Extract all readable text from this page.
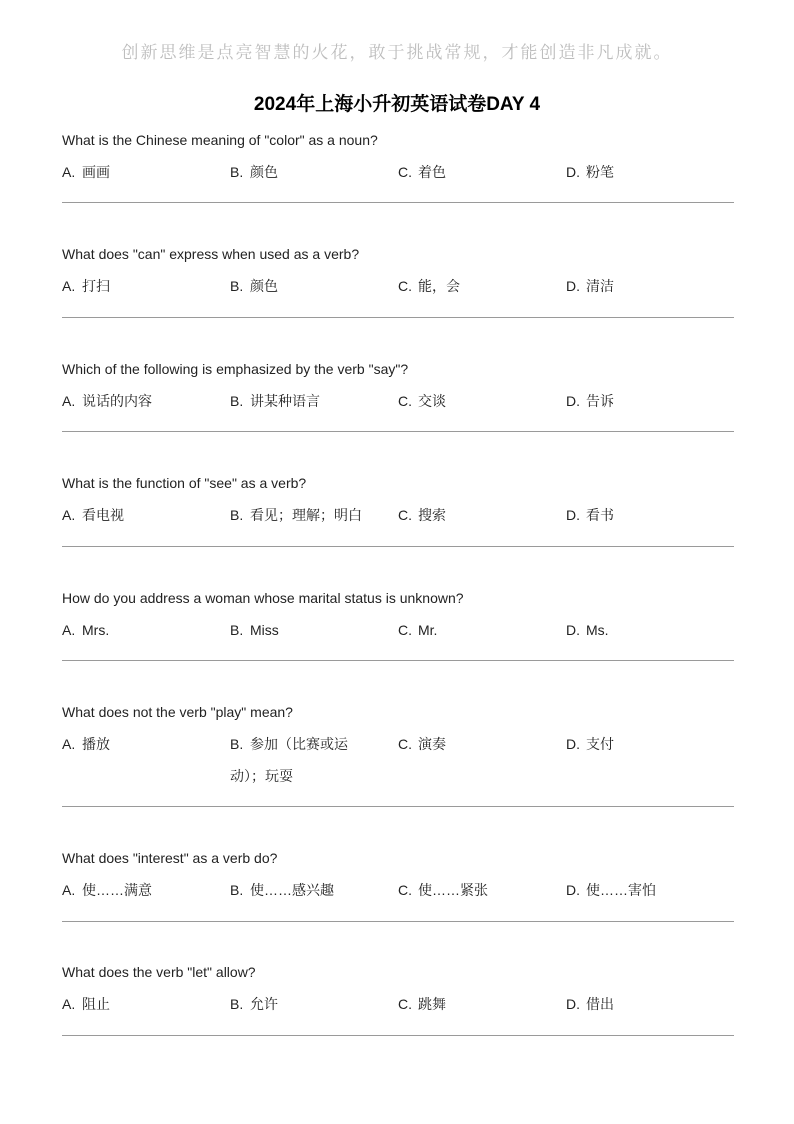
创新思维是点亮智慧的火花，敢于挑战常规，才能创造非凡成就。
2024年上海小升初英语试卷DAY 4

What is the Chinese meaning of "color" as a noun?

A. 画画	B. 颜色	C. 着色	D. 粉笔

What does "can" express when used as a verb?

A. 打扫	B. 颜色	C. 能，会	D. 清洁

Which of the following is emphasized by the verb "say"?

A. 说话的内容	B. 讲某种语言	C. 交谈	D. 告诉

What is the function of "see" as a verb?

A. 看电视	B. 看见；理解；明白	C. 搜索	D. 看书

How do you address a woman whose marital status is unknown?

A. Mrs.	B. Miss	C. Mr.	D. Ms.

What does not the verb "play" mean?

A. 播放	B. 参加（比赛或运动）；玩耍
C. 演奏	D. 支付

What does "interest" as a verb do?

A. 使……满意	B. 使……感兴趣	C. 使……紧张	D. 使……害怕

What does the verb "let" allow?

A. 阻止	B. 允许	C. 跳舞	D. 借出
